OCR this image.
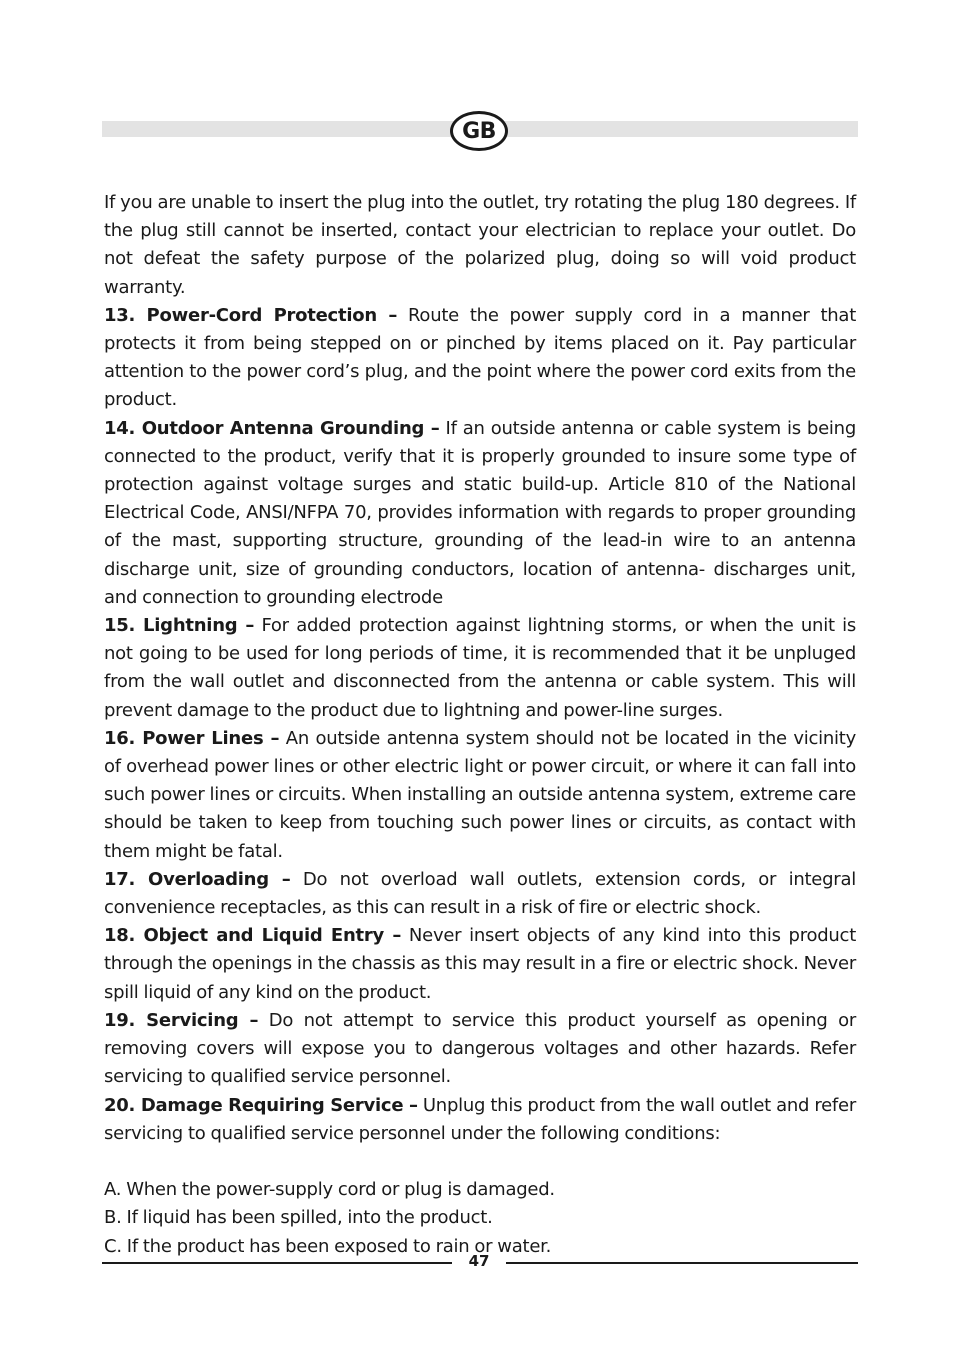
GB

If you are unable to insert the plug into the outlet, try rotating the plug 180 degrees. If the plug still cannot be inserted, contact your electrician to replace your outlet. Do not defeat the safety purpose of the polarized plug, doing so will void product warranty.

13. Power-Cord Protection – Route the power supply cord in a manner that protects it from being stepped on or pinched by items placed on it. Pay particular attention to the power cord’s plug, and the point where the power cord exits from the product.

14. Outdoor Antenna Grounding – If an outside antenna or cable system is being connected to the product, verify that it is properly grounded to insure some type of protection against voltage surges and static build-up. Article 810 of the National Electrical Code, ANSI/NFPA 70, provides information with regards to proper grounding of the mast, supporting structure, grounding of the lead-in wire to an antenna discharge unit, size of grounding conductors, location of antenna- discharges unit, and connection to grounding electrode

15. Lightning – For added protection against lightning storms, or when the unit is not going to be used for long periods of time, it is recommended that it be unpluged from the wall outlet and disconnected from the antenna or cable system. This will prevent damage to the product due to lightning and power-line surges.

16. Power Lines – An outside antenna system should not be located in the vicinity of overhead power lines or other electric light or power circuit, or where it can fall into such power lines or circuits. When installing an outside antenna system, extreme care should be taken to keep from touching such power lines or circuits, as contact with them might be fatal.

17. Overloading – Do not overload wall outlets, extension cords, or integral convenience receptacles, as this can result in a risk of fire or electric shock.

18. Object and Liquid Entry – Never insert objects of any kind into this product through the openings in the chassis as this may result in a fire or electric shock. Never spill liquid of any kind on the product.

19. Servicing – Do not attempt to service this product yourself as opening or removing covers will expose you to dangerous voltages and other hazards. Refer servicing to qualified service personnel.

20. Damage Requiring Service – Unplug this product from the wall outlet and refer servicing to qualified service personnel under the following conditions:

A. When the power-supply cord or plug is damaged.

B. If liquid has been spilled, into the product.

C. If the product has been exposed to rain or water.

47
